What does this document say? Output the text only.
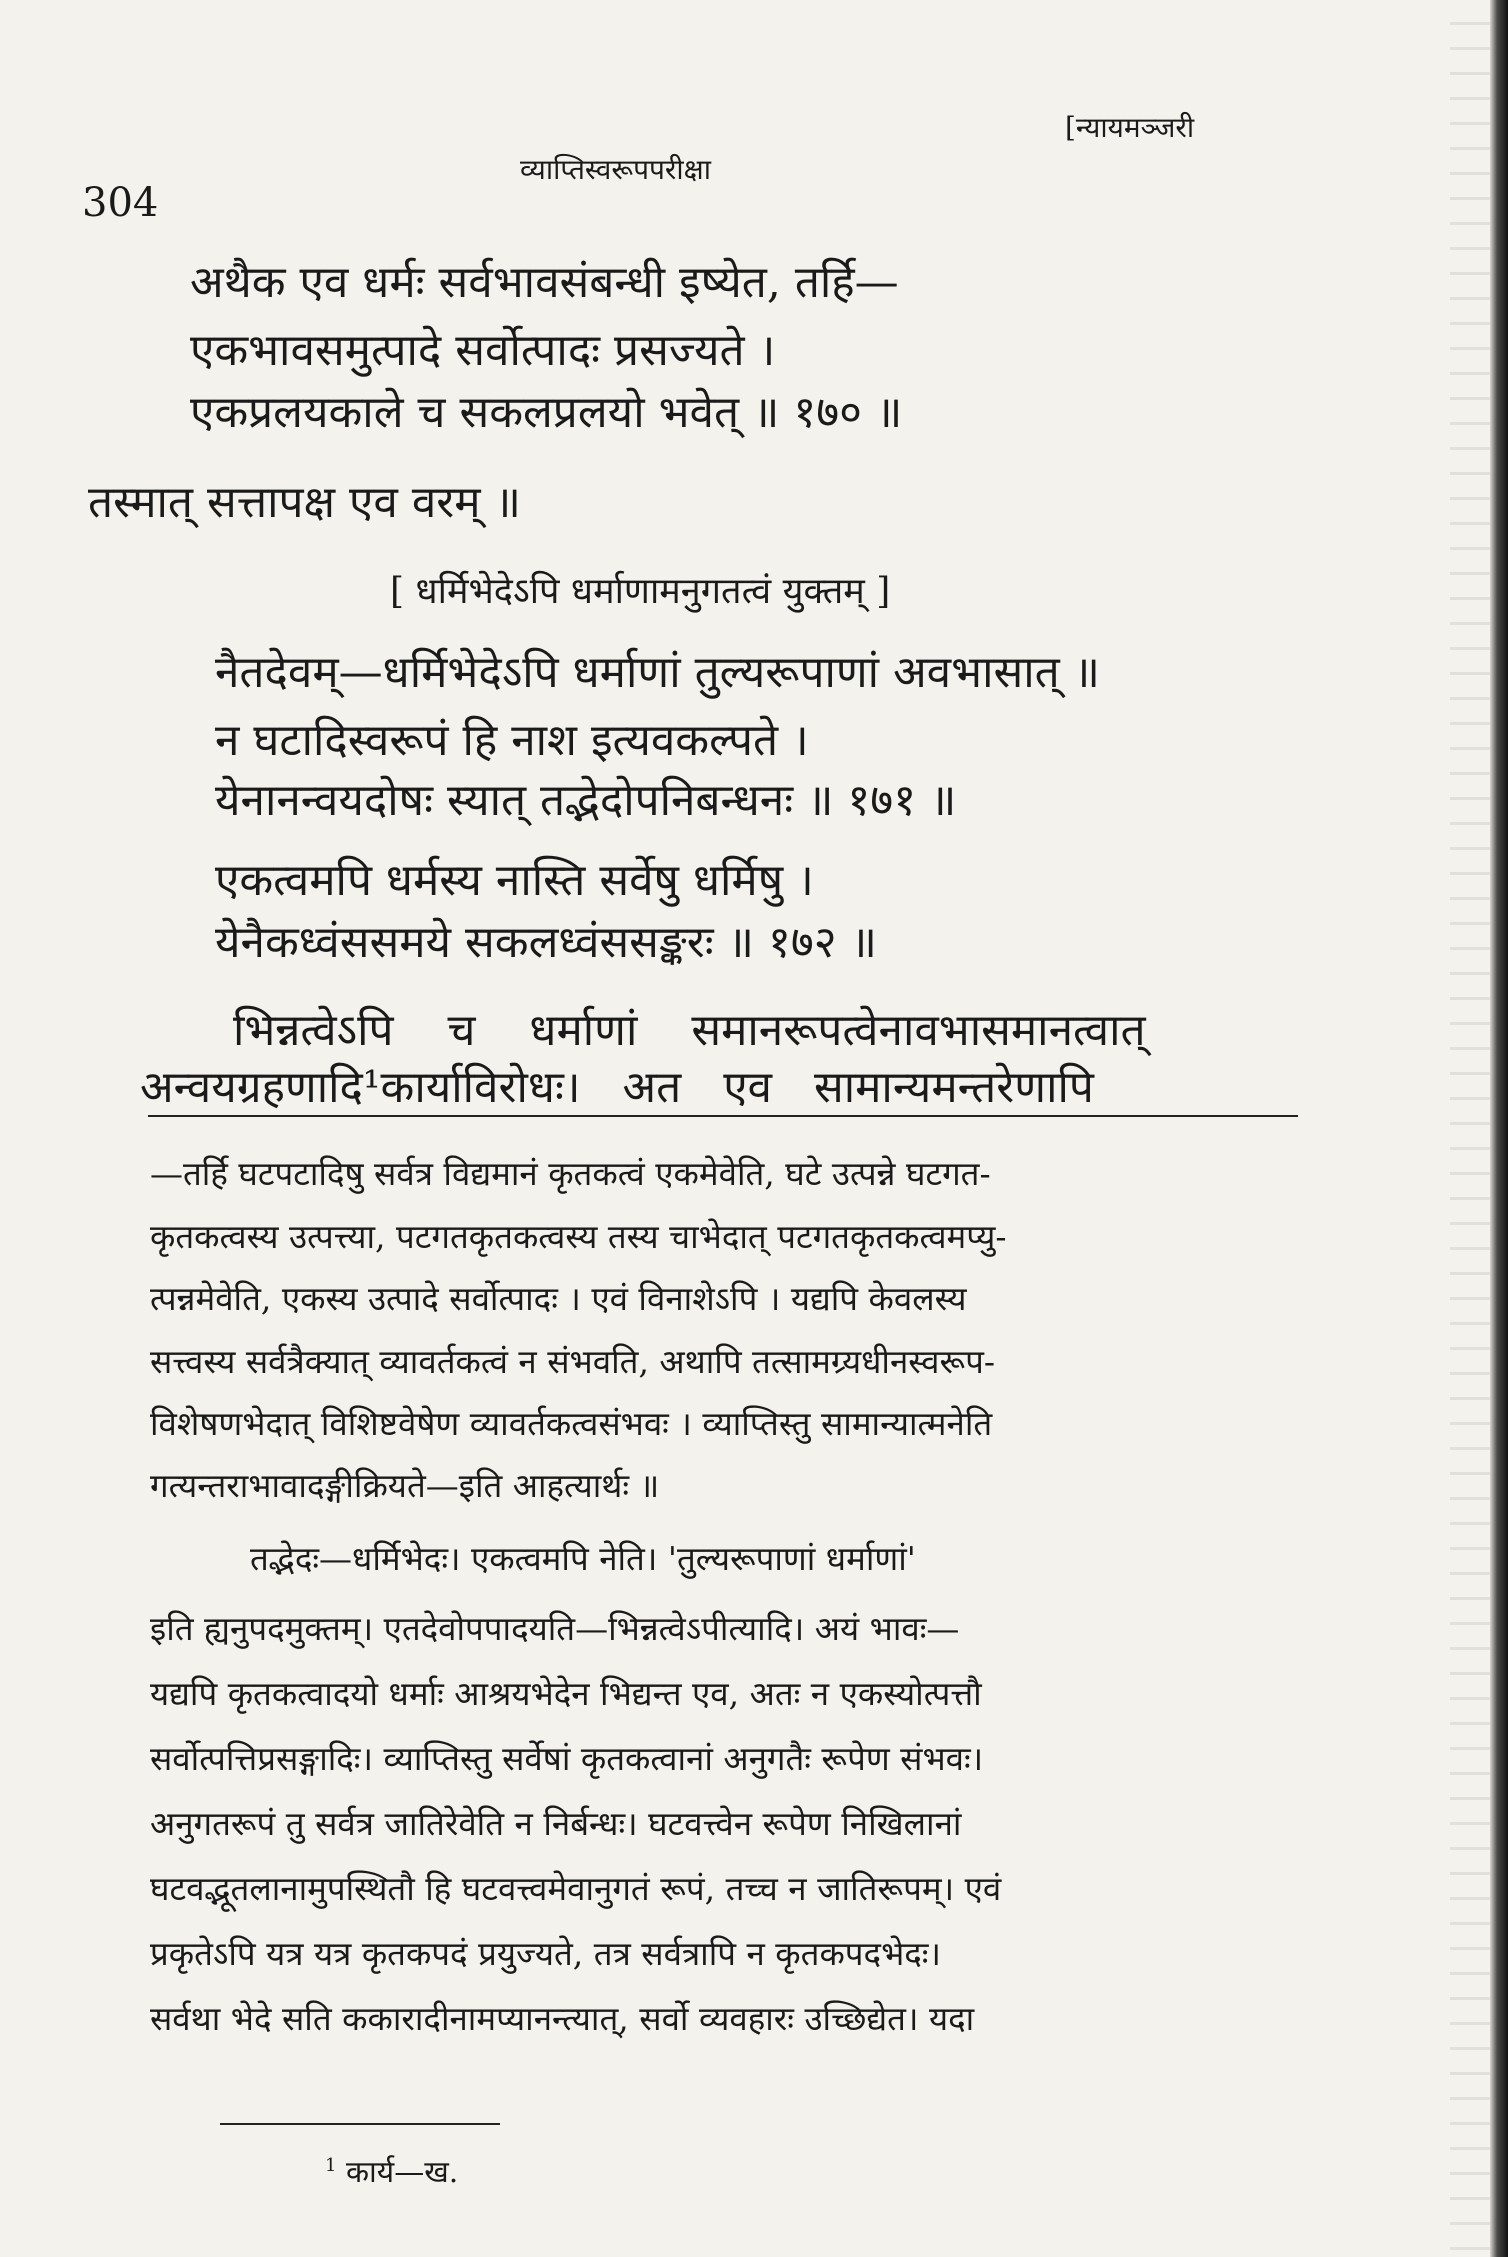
[न्यायमञ्जरी
व्याप्तिस्वरूपपरीक्षा
304
अथैक एव धर्मः सर्वभावसंबन्धी इष्येत, तर्हि—
एकभावसमुत्पादे सर्वोत्पादः प्रसज्यते ।
एकप्रलयकाले च सकलप्रलयो भवेत् ॥ १७० ॥
तस्मात् सत्तापक्ष एव वरम् ॥
[ धर्मिभेदेऽपि धर्माणामनुगतत्वं युक्तम् ]
नैतदेवम्—धर्मिभेदेऽपि धर्माणां तुल्यरूपाणां अवभासात् ॥
न घटादिस्वरूपं हि नाश इत्यवकल्पते ।
येनानन्वयदोषः स्यात् तद्भेदोपनिबन्धनः ॥ १७१ ॥
एकत्वमपि धर्मस्य नास्ति सर्वेषु धर्मिषु ।
येनैकध्वंससमये सकलध्वंससङ्करः ॥ १७२ ॥
भिन्नत्वेऽपि च धर्माणां समानरूपत्वेनावभासमानत्वात्
अन्वयग्रहणादि¹कार्याविरोधः। अत एव सामान्यमन्तरेणापि
—तर्हि घटपटादिषु सर्वत्र विद्यमानं कृतकत्वं एकमेवेति, घटे उत्पन्ने घटगत-
कृतकत्वस्य उत्पत्त्या, पटगतकृतकत्वस्य तस्य चाभेदात् पटगतकृतकत्वमप्यु-
त्पन्नमेवेति, एकस्य उत्पादे सर्वोत्पादः । एवं विनाशेऽपि । यद्यपि केवलस्य
सत्त्वस्य सर्वत्रैक्यात् व्यावर्तकत्वं न संभवति, अथापि तत्सामग्र्यधीनस्वरूप-
विशेषणभेदात् विशिष्टवेषेण व्यावर्तकत्वसंभवः । व्याप्तिस्तु सामान्यात्मनेति
गत्यन्तराभावादङ्गीक्रियते—इति आहत्यार्थः ॥
तद्भेदः—धर्मिभेदः। एकत्वमपि नेति। 'तुल्यरूपाणां धर्माणां'
इति ह्यनुपदमुक्तम्। एतदेवोपपादयति—भिन्नत्वेऽपीत्यादि। अयं भावः—
यद्यपि कृतकत्वादयो धर्माः आश्रयभेदेन भिद्यन्त एव, अतः न एकस्योत्पत्तौ
सर्वोत्पत्तिप्रसङ्गादिः। व्याप्तिस्तु सर्वेषां कृतकत्वानां अनुगतैः रूपेण संभवः।
अनुगतरूपं तु सर्वत्र जातिरेवेति न निर्बन्धः। घटवत्त्वेन रूपेण निखिलानां
घटवद्भूतलानामुपस्थितौ हि घटवत्त्वमेवानुगतं रूपं, तच्च न जातिरूपम्। एवं
प्रकृतेऽपि यत्र यत्र कृतकपदं प्रयुज्यते, तत्र सर्वत्रापि न कृतकपदभेदः।
सर्वथा भेदे सति ककारादीनामप्यानन्त्यात्, सर्वो व्यवहारः उच्छिद्येत। यदा
$^1$ कार्य—ख.
